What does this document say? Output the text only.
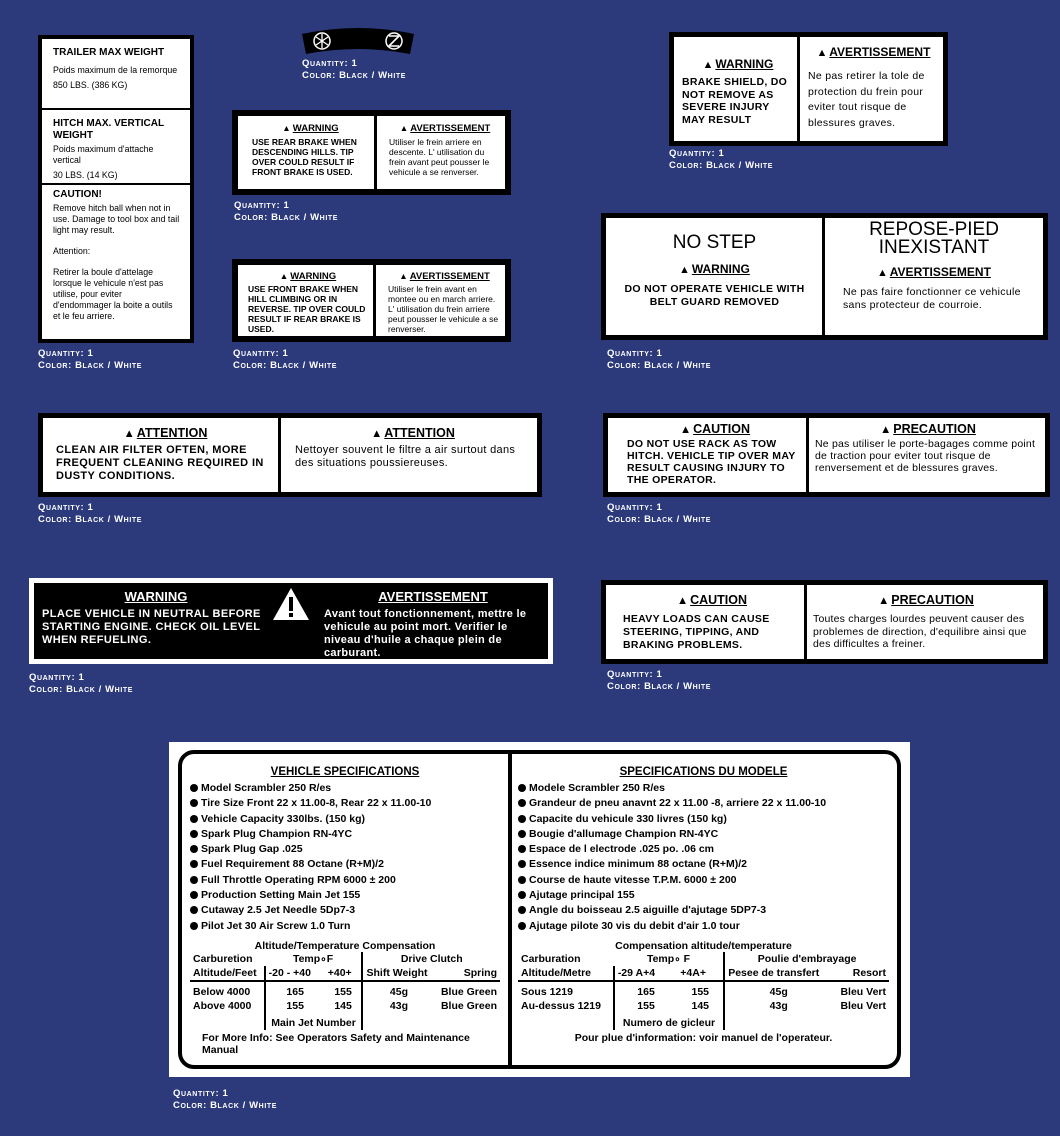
TRAILER MAX WEIGHT
Poids maximum de la remorque
850 LBS. (386 KG)
HITCH MAX. VERTICAL WEIGHT
Poids maximum d'attache vertical
30 LBS. (14 KG)
CAUTION!
Remove hitch ball when not in use. Damage to tool box and tail light may result.
Attention:
Retirer la boule d'attelage lorsque le vehicule n'est pas utilise, pour eviter d'endommager la boite a outils et le feu arriere.
Quantity: 1
Color: Black / White
Quantity: 1
Color: Black / White
▲ WARNING
USE REAR BRAKE WHEN DESCENDING HILLS. TIP OVER COULD RESULT IF FRONT BRAKE IS USED.
▲ AVERTISSEMENT
Utiliser le frein arriere en descente. L' utilisation du frein avant peut pousser le vehicule a se renverser.
Quantity: 1
Color: Black / White
▲ WARNING
USE FRONT BRAKE WHEN HILL CLIMBING OR IN REVERSE. TIP OVER COULD RESULT IF REAR BRAKE IS USED.
▲ AVERTISSEMENT
Utiliser le frein avant en montee ou en march arriere. L' utilisation du frein arriere peut pousser le vehicule a se renverser.
Quantity: 1
Color: Black / White
▲ WARNING
BRAKE SHIELD, DO NOT REMOVE AS SEVERE INJURY MAY RESULT
▲ AVERTISSEMENT
Ne pas retirer la tole de protection du frein pour eviter tout risque de blessures graves.
Quantity: 1
Color: Black / White
NO STEP
▲ WARNING
DO NOT OPERATE VEHICLE WITH BELT GUARD REMOVED
REPOSE-PIED INEXISTANT
▲ AVERTISSEMENT
Ne pas faire fonctionner ce vehicule sans protecteur de courroie.
Quantity: 1
Color: Black / White
▲ ATTENTION
CLEAN AIR FILTER OFTEN, MORE FREQUENT CLEANING REQUIRED IN DUSTY CONDITIONS.
▲ ATTENTION
Nettoyer souvent le filtre a air surtout dans des situations poussiereuses.
Quantity: 1
Color: Black / White
▲ CAUTION
DO NOT USE RACK AS TOW HITCH. VEHICLE TIP OVER MAY RESULT CAUSING INJURY TO THE OPERATOR.
▲ PRECAUTION
Ne pas utiliser le porte-bagages comme point de traction pour eviter tout risque de renversement et de blessures graves.
Quantity: 1
Color: Black / White
WARNING
PLACE VEHICLE IN NEUTRAL BEFORE STARTING ENGINE. CHECK OIL LEVEL WHEN REFUELING.
AVERTISSEMENT
Avant tout fonctionnement, mettre le vehicule au point mort. Verifier le niveau d'huile a chaque plein de carburant.
Quantity: 1
Color: Black / White
▲ CAUTION
HEAVY LOADS CAN CAUSE STEERING, TIPPING, AND BRAKING PROBLEMS.
▲ PRECAUTION
Toutes charges lourdes peuvent causer des problemes de direction, d'equilibre ainsi que des difficultes a freiner.
Quantity: 1
Color: Black / White
VEHICLE SPECIFICATIONS
Model Scrambler 250 R/es
Tire Size Front 22 x 11.00-8, Rear 22 x 11.00-10
Vehicle Capacity 330lbs. (150 kg)
Spark Plug Champion RN-4YC
Spark Plug Gap .025
Fuel Requirement 88 Octane (R+M)/2
Full Throttle Operating RPM 6000 ± 200
Production Setting Main Jet 155
Cutaway 2.5 Jet Needle 5Dp7-3
Pilot Jet 30 Air Screw 1.0 Turn
Altitude/Temperature Compensation
Carburetion	Temp∘F		Drive Clutch	
Altitude/Feet	-20 - +40	+40+	Shift Weight	Spring
Below 4000	165	155	45g	Blue Green
Above 4000	155	145	43g	Blue Green
	Main Jet Number			
For More Info: See Operators Safety and Maintenance Manual
SPECIFICATIONS DU MODELE
Modele Scrambler 250 R/es
Grandeur de pneu anavnt 22 x 11.00 -8, arriere 22 x 11.00-10
Capacite du vehicule 330 livres (150 kg)
Bougie d'allumage Champion RN-4YC
Espace de l electrode .025 po. .06 cm
Essence indice minimum 88 octane (R+M)/2
Course de haute vitesse T.P.M. 6000 ± 200
Ajutage principal 155
Angle du boisseau 2.5 aiguille d'ajutage 5DP7-3
Ajutage pilote 30 vis du debit d'air 1.0 tour
Compensation altitude/temperature
Carburation	Temp∘ F		Poulie d'embrayage	
Altitude/Metre	-29 A+4	+4A+	Pesee de transfert	Resort
Sous 1219	165	155	45g	Bleu Vert
Au-dessus 1219	155	145	43g	Bleu Vert
	Numero de gicleur			
Pour plue d'information: voir manuel de l'operateur.
Quantity: 1
Color: Black / White
